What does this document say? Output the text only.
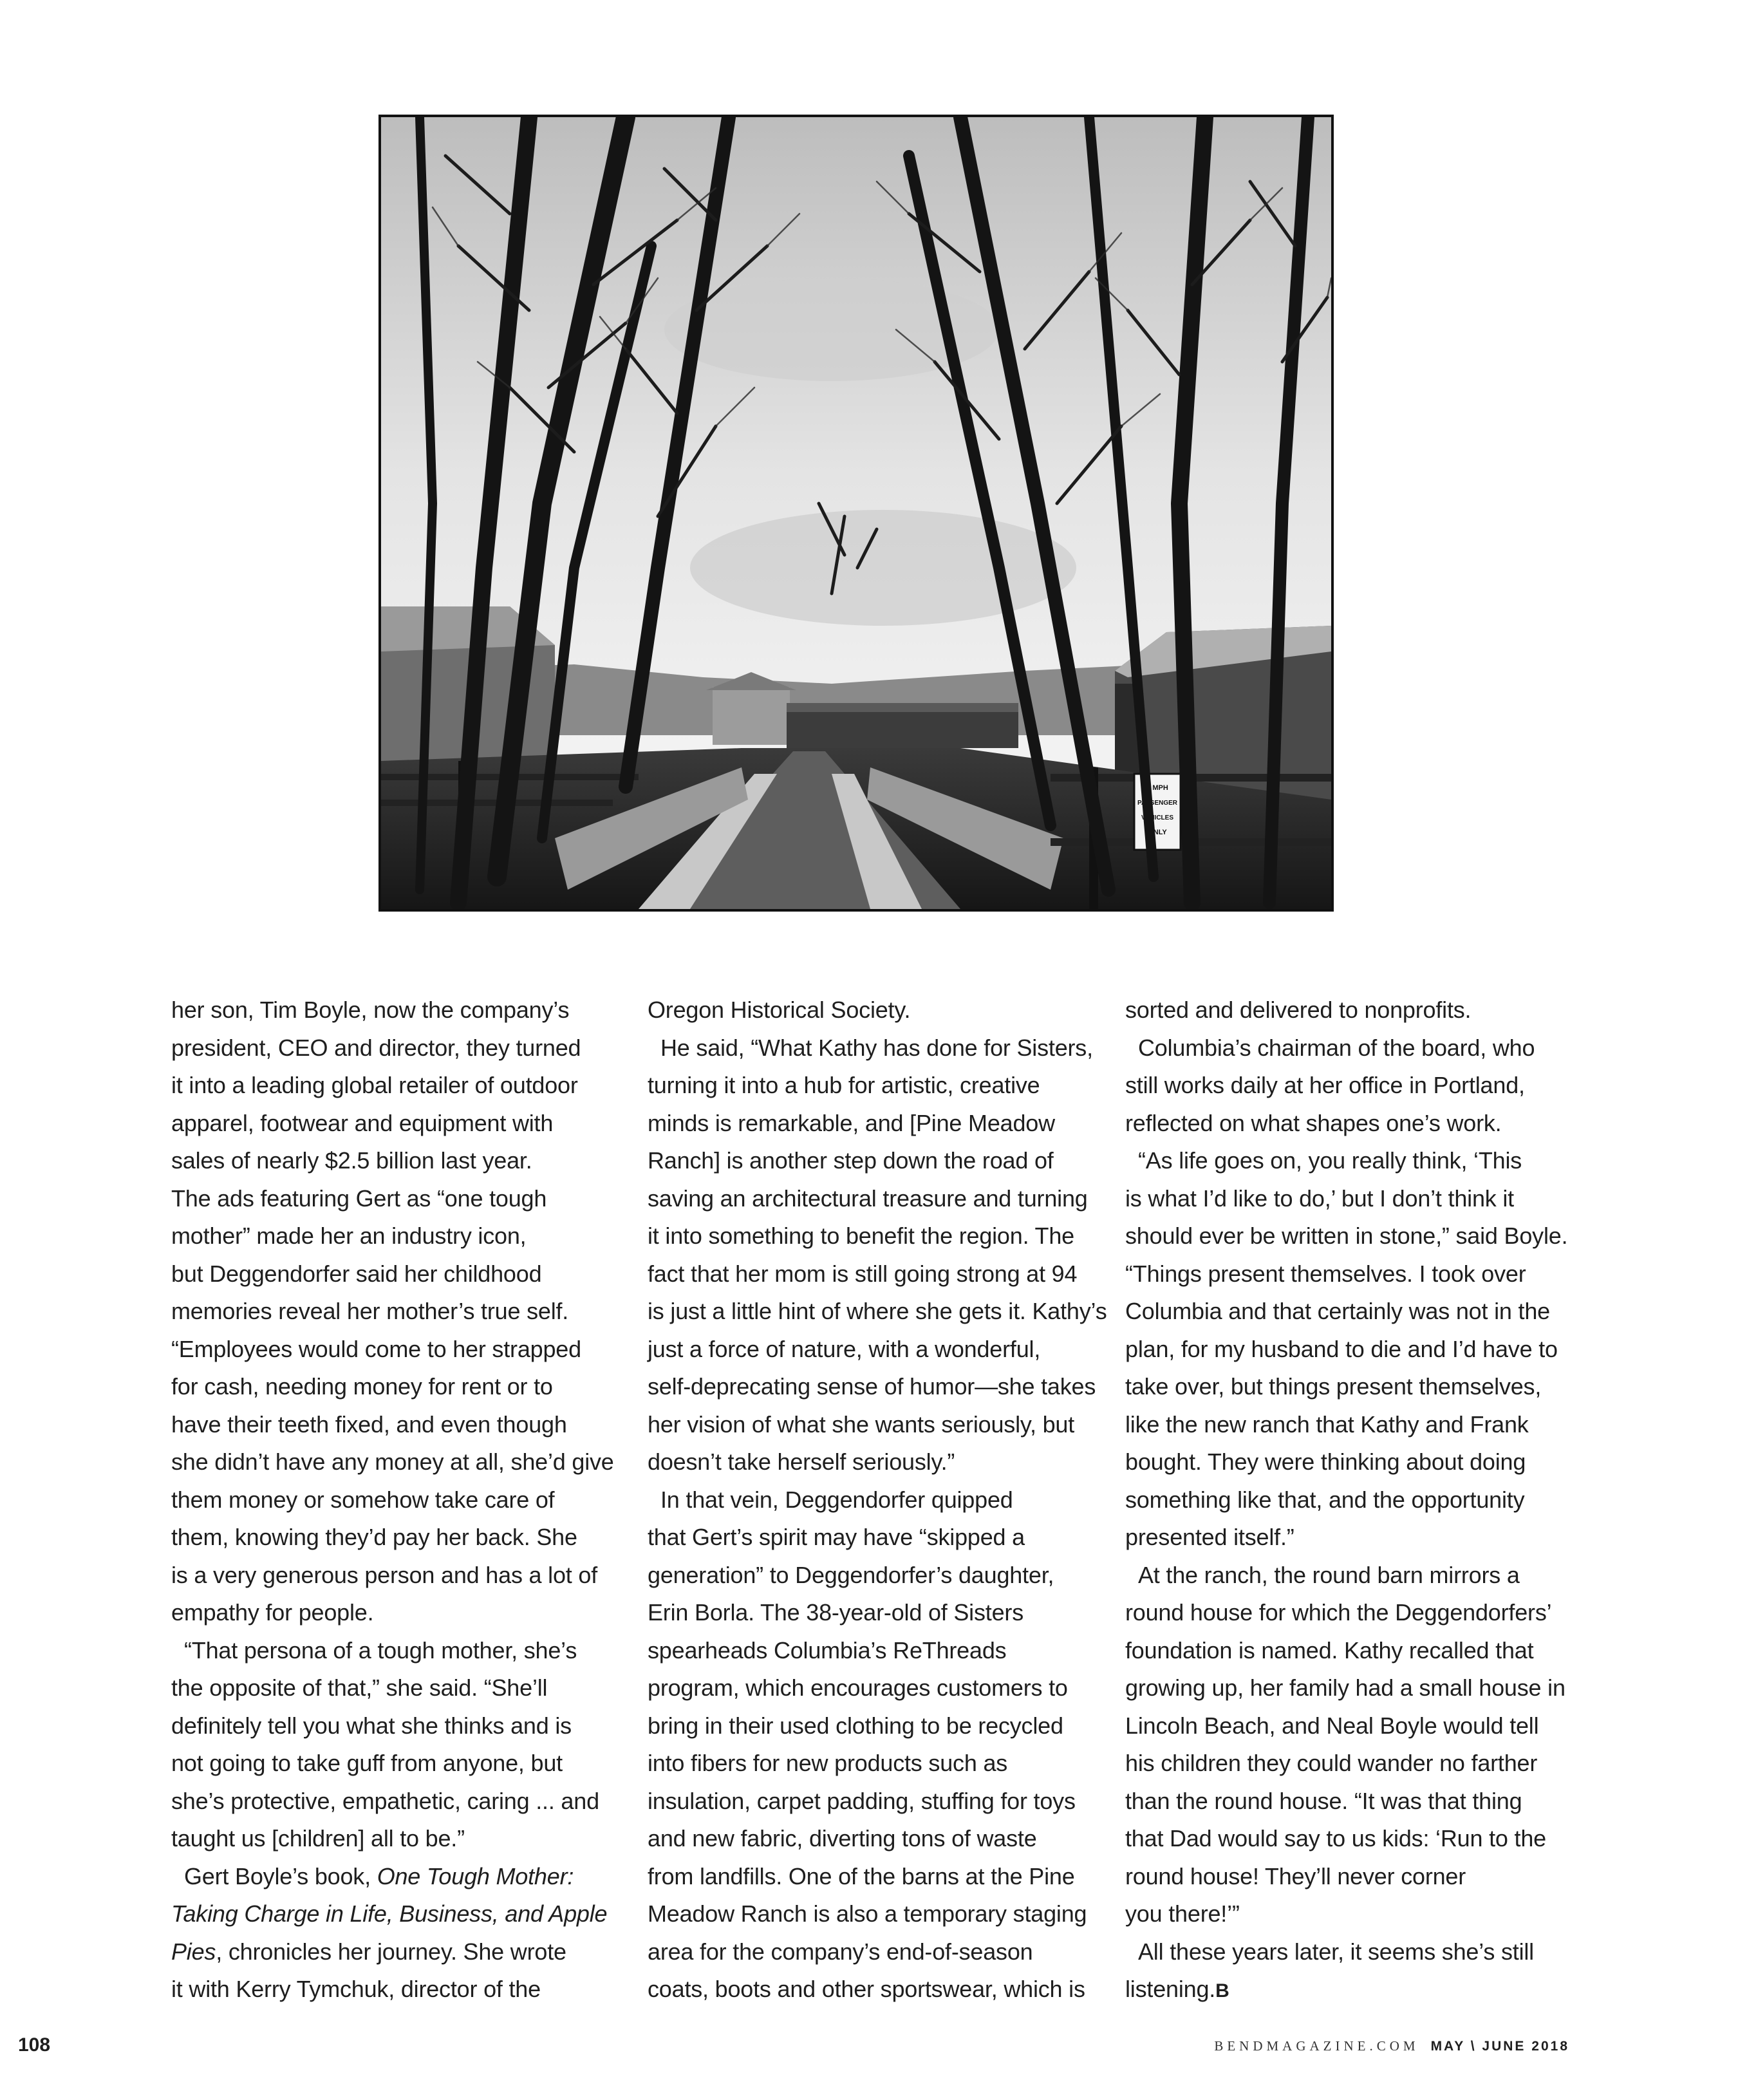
5 MPH
PASSENGER
VEHICLES
ONLY

her son, Tim Boyle, now the company’s
president, CEO and director, they turned
it into a leading global retailer of outdoor
apparel, footwear and equipment with
sales of nearly $2.5 billion last year.
The ads featuring Gert as “one tough
mother” made her an industry icon,
but Deggendorfer said her childhood
memories reveal her mother’s true self.
“Employees would come to her strapped
for cash, needing money for rent or to
have their teeth fixed, and even though
she didn’t have any money at all, she’d give
them money or somehow take care of
them, knowing they’d pay her back. She
is a very generous person and has a lot of
empathy for people.

“That persona of a tough mother, she’s
the opposite of that,” she said. “She’ll
definitely tell you what she thinks and is
not going to take guff from anyone, but
she’s protective, empathetic, caring ... and
taught us [children] all to be.”

Gert Boyle’s book, One Tough Mother:
Taking Charge in Life, Business, and Apple
Pies, chronicles her journey. She wrote
it with Kerry Tymchuk, director of the

Oregon Historical Society.

He said, “What Kathy has done for Sisters,
turning it into a hub for artistic, creative
minds is remarkable, and [Pine Meadow
Ranch] is another step down the road of
saving an architectural treasure and turning
it into something to benefit the region. The
fact that her mom is still going strong at 94
is just a little hint of where she gets it. Kathy’s
just a force of nature, with a wonderful,
self-deprecating sense of humor—she takes
her vision of what she wants seriously, but
doesn’t take herself seriously.”

In that vein, Deggendorfer quipped
that Gert’s spirit may have “skipped a
generation” to Deggendorfer’s daughter,
Erin Borla. The 38-year-old of Sisters
spearheads Columbia’s ReThreads
program, which encourages customers to
bring in their used clothing to be recycled
into fibers for new products such as
insulation, carpet padding, stuffing for toys
and new fabric, diverting tons of waste
from landfills. One of the barns at the Pine
Meadow Ranch is also a temporary staging
area for the company’s end-of-season
coats, boots and other sportswear, which is

sorted and delivered to nonprofits.

Columbia’s chairman of the board, who
still works daily at her office in Portland,
reflected on what shapes one’s work.

“As life goes on, you really think, ‘This
is what I’d like to do,’ but I don’t think it
should ever be written in stone,” said Boyle.
“Things present themselves. I took over
Columbia and that certainly was not in the
plan, for my husband to die and I’d have to
take over, but things present themselves,
like the new ranch that Kathy and Frank
bought. They were thinking about doing
something like that, and the opportunity
presented itself.”

At the ranch, the round barn mirrors a
round house for which the Deggendorfers’
foundation is named. Kathy recalled that
growing up, her family had a small house in
Lincoln Beach, and Neal Boyle would tell
his children they could wander no farther
than the round house. “It was that thing
that Dad would say to us kids: ‘Run to the
round house! They’ll never corner
you there!’”

All these years later, it seems she’s still
listening.B

108	BENDMAGAZINE.COM MAY \ JUNE 2018
